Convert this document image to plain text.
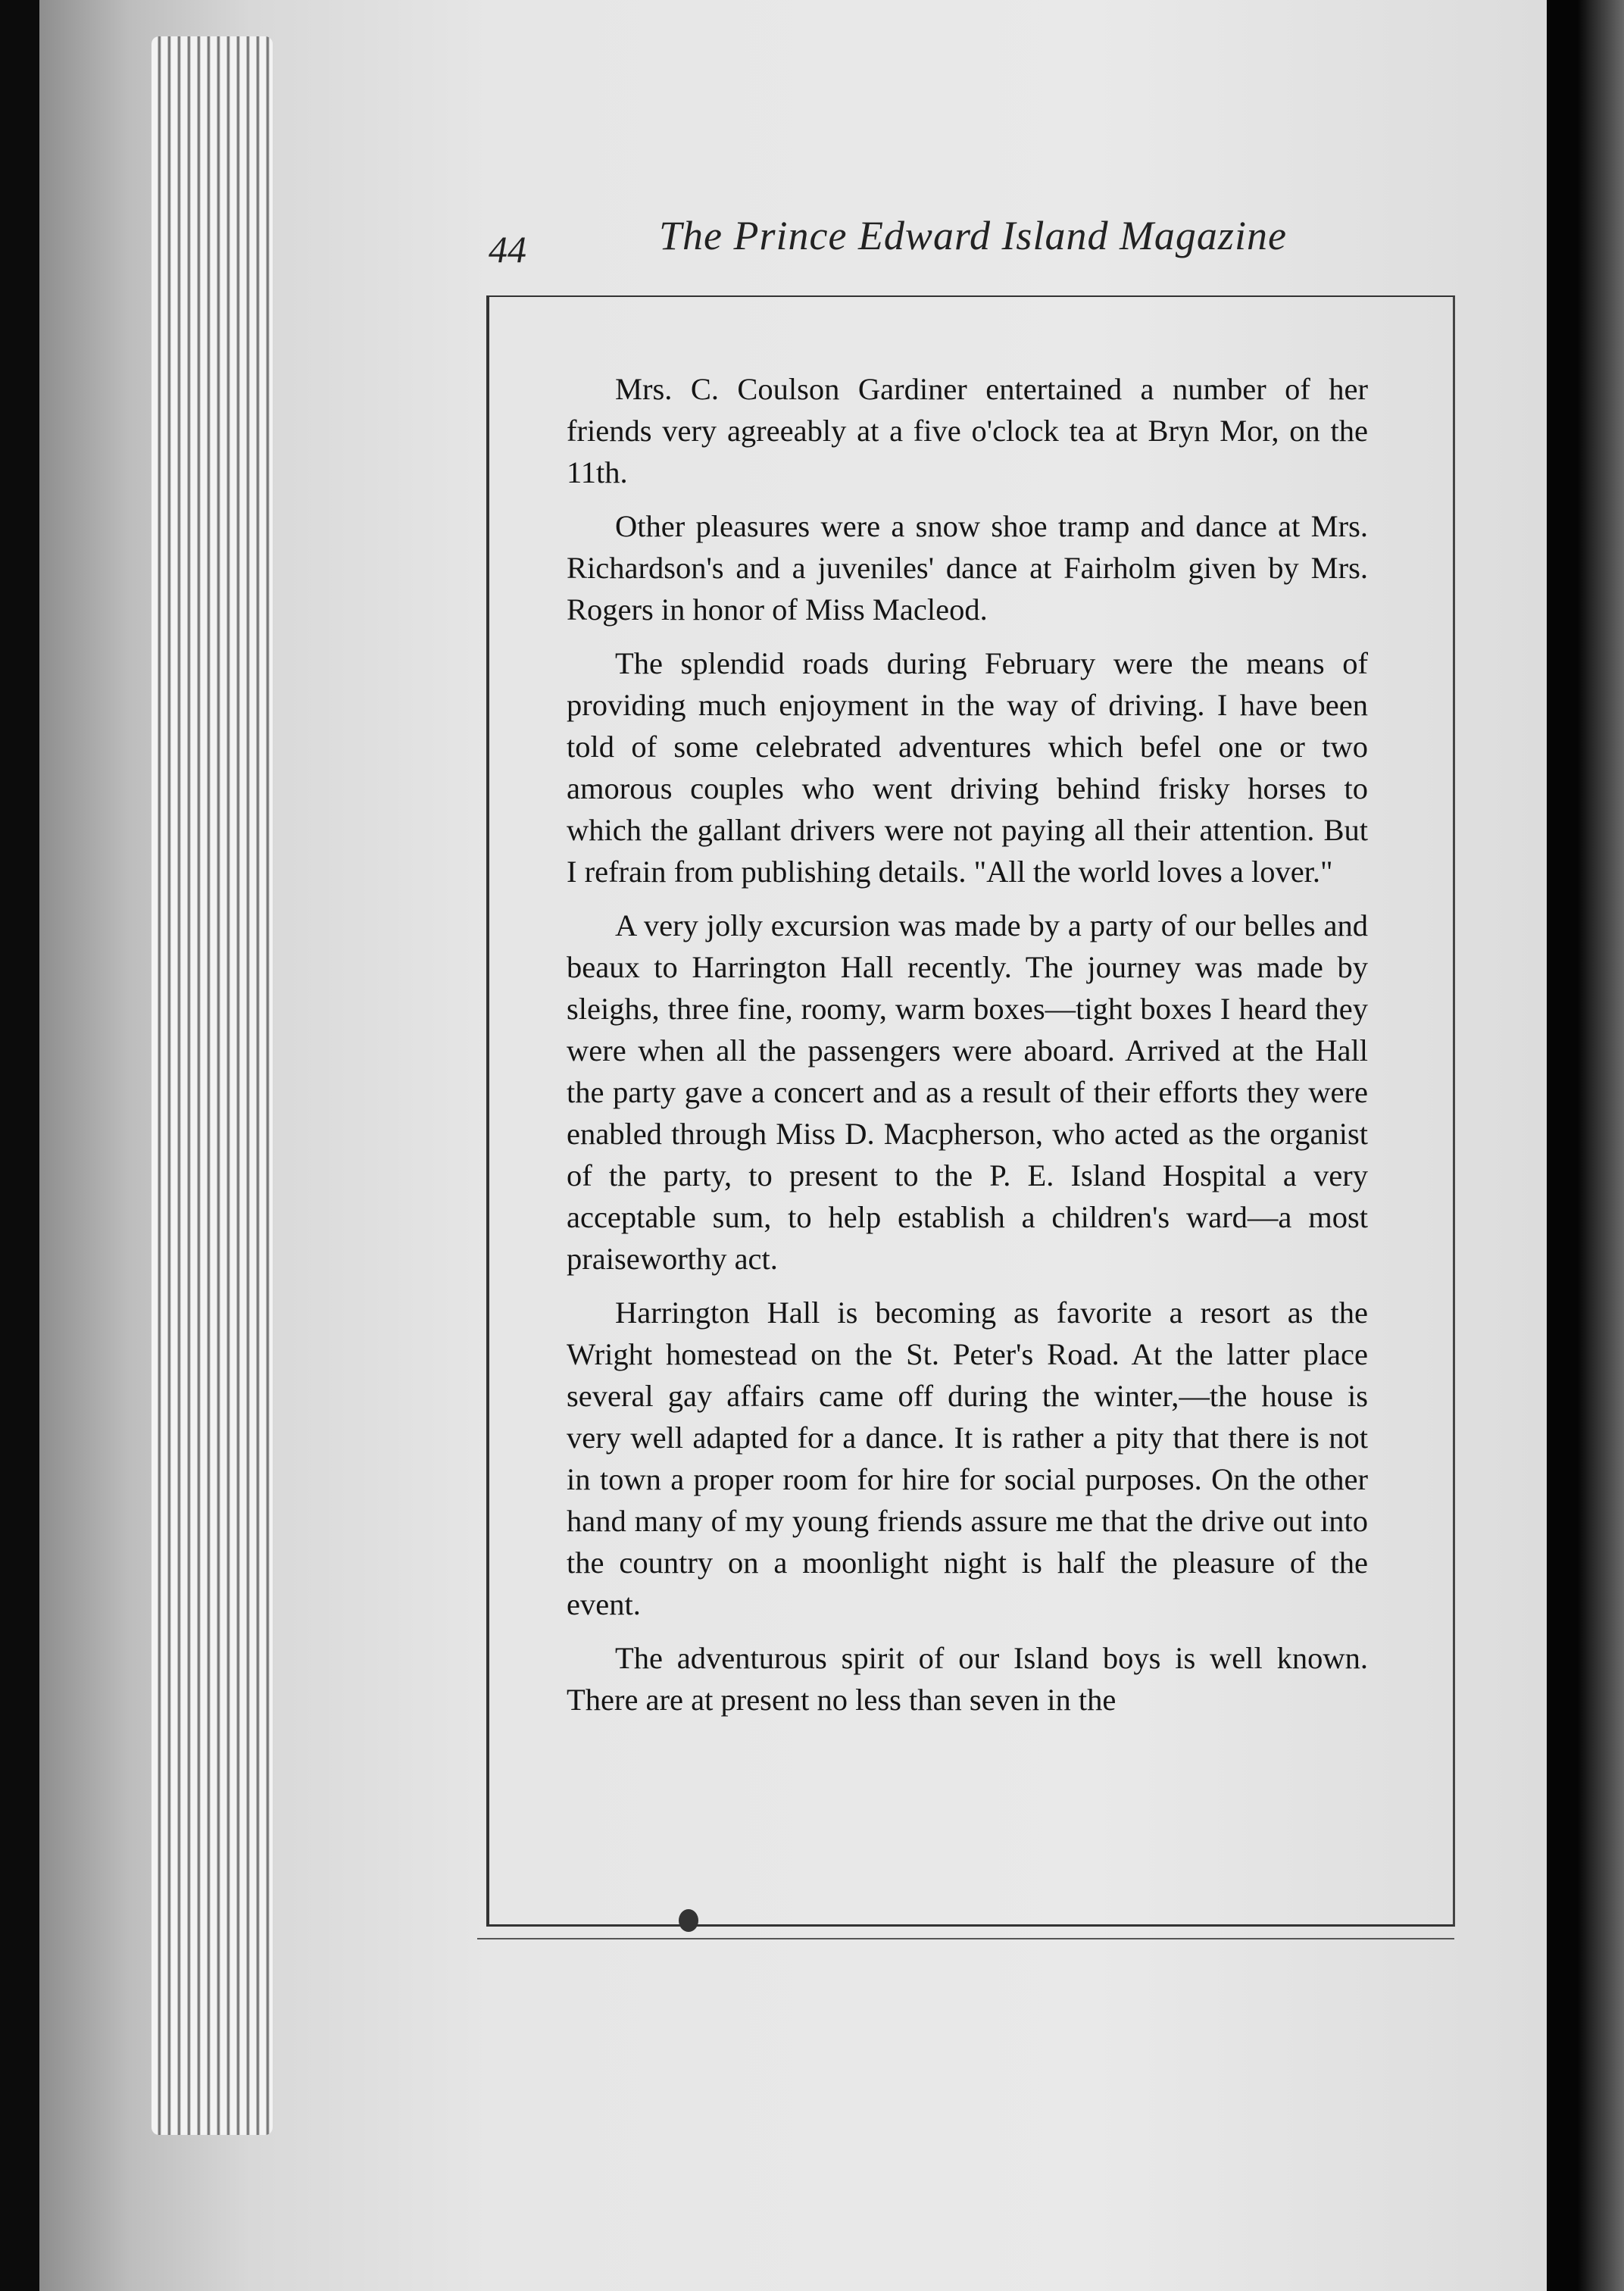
44	The Prince Edward Island Magazine

Mrs. C. Coulson Gardiner entertained a number of her friends very agreeably at a five o'clock tea at Bryn Mor, on the 11th.

Other pleasures were a snow shoe tramp and dance at Mrs. Richardson's and a juveniles' dance at Fairholm given by Mrs. Rogers in honor of Miss Macleod.

The splendid roads during February were the means of providing much enjoyment in the way of driving. I have been told of some celebrated adventures which befel one or two amorous couples who went driving behind frisky horses to which the gallant drivers were not paying all their attention. But I refrain from publishing details. "All the world loves a lover."

A very jolly excursion was made by a party of our belles and beaux to Harrington Hall recently. The journey was made by sleighs, three fine, roomy, warm boxes—tight boxes I heard they were when all the passengers were aboard. Arrived at the Hall the party gave a concert and as a result of their efforts they were enabled through Miss D. Macpherson, who acted as the organist of the party, to present to the P. E. Island Hospital a very acceptable sum, to help establish a children's ward—a most praiseworthy act.

Harrington Hall is becoming as favorite a resort as the Wright homestead on the St. Peter's Road. At the latter place several gay affairs came off during the winter,—the house is very well adapted for a dance. It is rather a pity that there is not in town a proper room for hire for social purposes. On the other hand many of my young friends assure me that the drive out into the country on a moonlight night is half the pleasure of the event.

The adventurous spirit of our Island boys is well known. There are at present no less than seven in the
